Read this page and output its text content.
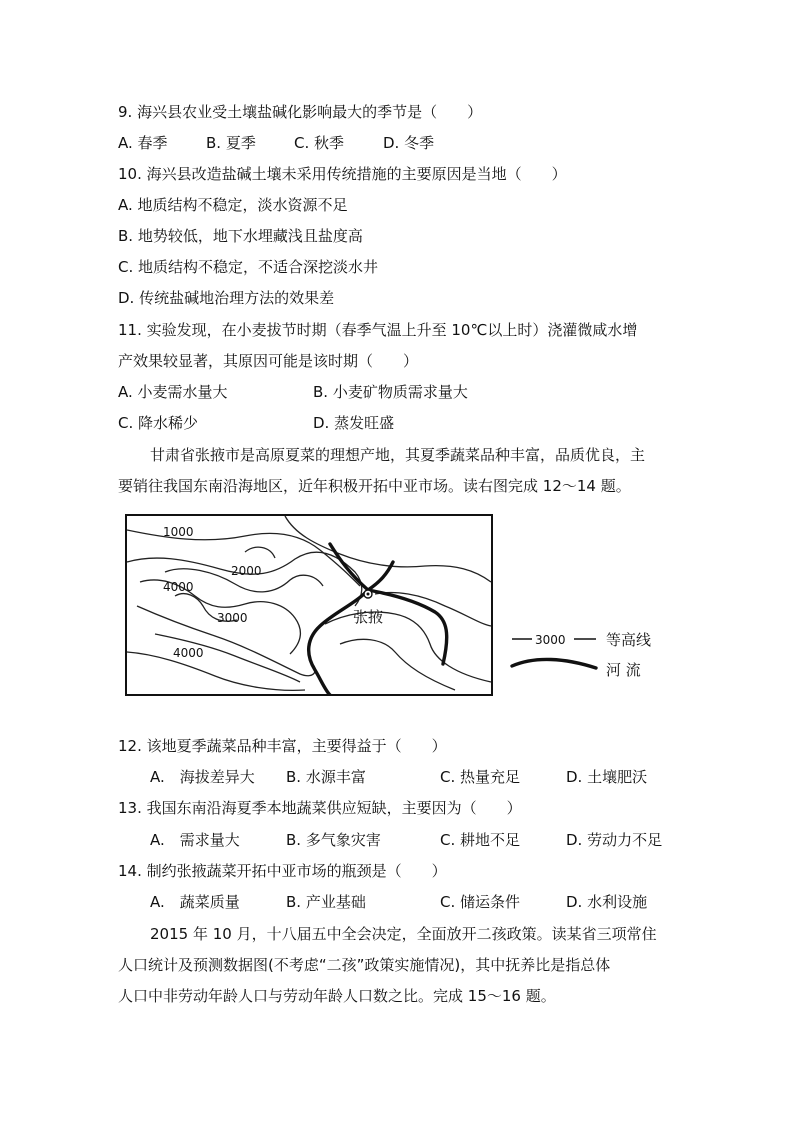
9. 海兴县农业受土壤盐碱化影响最大的季节是（　　）
A. 春季	B. 夏季	C. 秋季	D. 冬季
10. 海兴县改造盐碱土壤未采用传统措施的主要原因是当地（　　）
A. 地质结构不稳定，淡水资源不足
B. 地势较低，地下水埋藏浅且盐度高
C. 地质结构不稳定，不适合深挖淡水井
D. 传统盐碱地治理方法的效果差
11. 实验发现，在小麦拔节时期（春季气温上升至 10℃以上时）浇灌微咸水增
产效果较显著，其原因可能是该时期（　　）
A. 小麦需水量大	B. 小麦矿物质需求量大
C. 降水稀少	D. 蒸发旺盛
甘肃省张掖市是高原夏菜的理想产地，其夏季蔬菜品种丰富，品质优良，主
要销往我国东南沿海地区，近年积极开拓中亚市场。读右图完成 12～14 题。
1000
2000
4000
3000
4000
张掖
3000	等高线
河 流
12. 该地夏季蔬菜品种丰富，主要得益于（　　）
A.　海拔差异大 B. 水源丰富	C. 热量充足	D. 土壤肥沃
13. 我国东南沿海夏季本地蔬菜供应短缺，主要因为（　　）
A.　需求量大	B. 多气象灾害	C. 耕地不足	D. 劳动力不足
14. 制约张掖蔬菜开拓中亚市场的瓶颈是（　　）
A.　蔬菜质量	B. 产业基础	C. 储运条件	D. 水利设施
2015 年 10 月，十八届五中全会决定，全面放开二孩政策。读某省三项常住
人口统计及预测数据图(不考虑“二孩”政策实施情况)，其中抚养比是指总体
人口中非劳动年龄人口与劳动年龄人口数之比。完成 15～16 题。
